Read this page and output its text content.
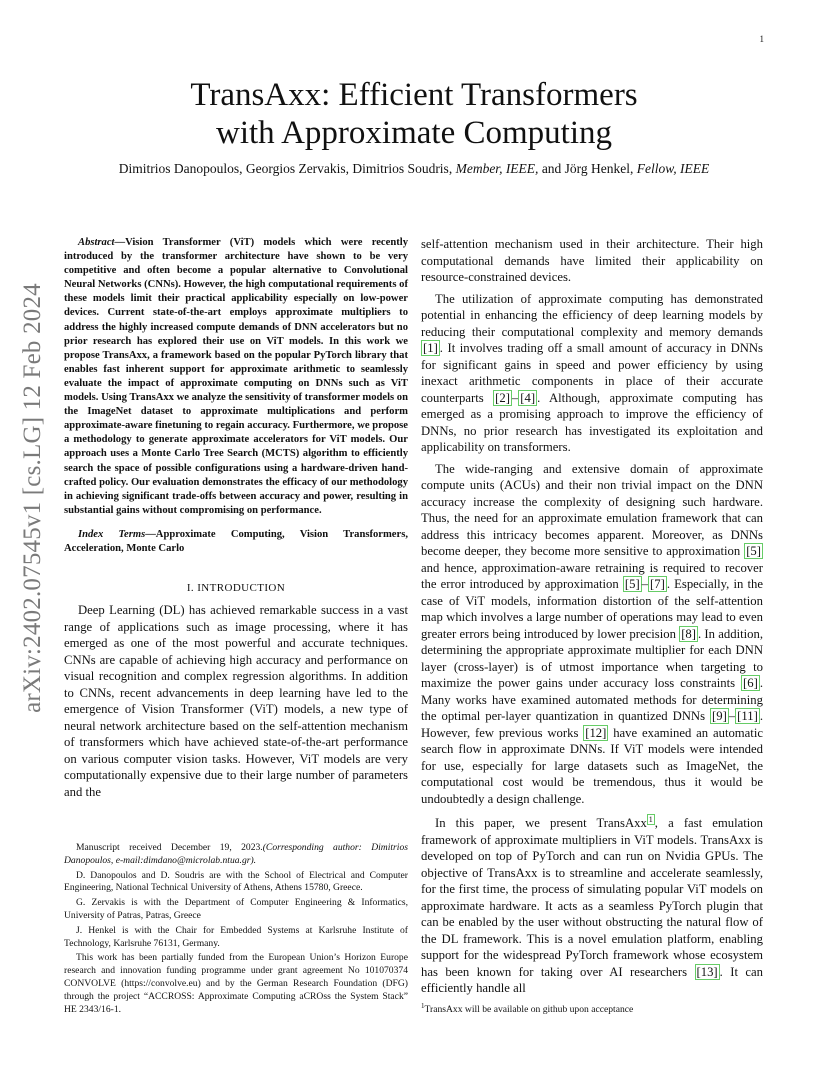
1
arXiv:2402.07545v1 [cs.LG] 12 Feb 2024
TransAxx: Efficient Transformers
with Approximate Computing
Dimitrios Danopoulos, Georgios Zervakis, Dimitrios Soudris, Member, IEEE, and Jörg Henkel, Fellow, IEEE

Abstract—Vision Transformer (ViT) models which were recently introduced by the transformer architecture have shown to be very competitive and often become a popular alternative to Convolutional Neural Networks (CNNs). However, the high computational requirements of these models limit their practical applicability especially on low-power devices. Current state-of-the-art employs approximate multipliers to address the highly increased compute demands of DNN accelerators but no prior research has explored their use on ViT models. In this work we propose TransAxx, a framework based on the popular PyTorch library that enables fast inherent support for approximate arithmetic to seamlessly evaluate the impact of approximate computing on DNNs such as ViT models. Using TransAxx we analyze the sensitivity of transformer models on the ImageNet dataset to approximate multiplications and perform approximate-aware finetuning to regain accuracy. Furthermore, we propose a methodology to generate approximate accelerators for ViT models. Our approach uses a Monte Carlo Tree Search (MCTS) algorithm to efficiently search the space of possible configurations using a hardware-driven hand-crafted policy. Our evaluation demonstrates the efficacy of our methodology in achieving significant trade-offs between accuracy and power, resulting in substantial gains without compromising on performance.

Index Terms—Approximate Computing, Vision Transformers, Acceleration, Monte Carlo

I. INTRODUCTION

Deep Learning (DL) has achieved remarkable success in a vast range of applications such as image processing, where it has emerged as one of the most powerful and accurate techniques. CNNs are capable of achieving high accuracy and performance on visual recognition and complex regression algorithms. In addition to CNNs, recent advancements in deep learning have led to the emergence of Vision Transformer (ViT) models, a new type of neural network architecture based on the self-attention mechanism of transformers which have achieved state-of-the-art performance on various computer vision tasks. However, ViT models are very computationally expensive due to their large number of parameters and the

Manuscript received December 19, 2023.(Corresponding author: Dimitrios Danopoulos, e-mail:dimdano@microlab.ntua.gr).

D. Danopoulos and D. Soudris are with the School of Electrical and Computer Engineering, National Technical University of Athens, Athens 15780, Greece.

G. Zervakis is with the Department of Computer Engineering & Informatics, University of Patras, Patras, Greece

J. Henkel is with the Chair for Embedded Systems at Karlsruhe Institute of Technology, Karlsruhe 76131, Germany.

This work has been partially funded from the European Union’s Horizon Europe research and innovation funding programme under grant agreement No 101070374 CONVOLVE (https://convolve.eu) and by the German Research Foundation (DFG) through the project “ACCROSS: Approximate Computing aCROss the System Stack” HE 2343/16-1.

self-attention mechanism used in their architecture. Their high computational demands have limited their applicability on resource-constrained devices.

The utilization of approximate computing has demonstrated potential in enhancing the efficiency of deep learning models by reducing their computational complexity and memory demands [1] . It involves trading off a small amount of accuracy in DNNs for significant gains in speed and power efficiency by using inexact arithmetic components in place of their accurate counterparts [2] – [4] . Although, approximate computing has emerged as a promising approach to improve the efficiency of DNNs, no prior research has investigated its exploitation and applicability on transformers.

The wide-ranging and extensive domain of approximate compute units (ACUs) and their non trivial impact on the DNN accuracy increase the complexity of designing such hardware. Thus, the need for an approximate emulation framework that can address this intricacy becomes apparent. Moreover, as DNNs become deeper, they become more sensitive to approximation [5] and hence, approximation-aware retraining is required to recover the error introduced by approximation [5] – [7] . Especially, in the case of ViT models, information distortion of the self-attention map which involves a large number of operations may lead to even greater errors being introduced by lower precision [8] . In addition, determining the appropriate approximate multiplier for each DNN layer (cross-layer) is of utmost importance when targeting to maximize the power gains under accuracy loss constraints [6] . Many works have examined automated methods for determining the optimal per-layer quantization in quantized DNNs [9] – [11] . However, few previous works [12] have examined an automatic search flow in approximate DNNs. If ViT models were intended for use, especially for large datasets such as ImageNet, the computational cost would be tremendous, thus it would be undoubtedly a design challenge.

In this paper, we present TransAxx $^1$ , a fast emulation framework of approximate multipliers in ViT models. TransAxx is developed on top of PyTorch and can run on Nvidia GPUs. The objective of TransAxx is to streamline and accelerate seamlessly, for the first time, the process of simulating popular ViT models on approximate hardware. It acts as a seamless PyTorch plugin that can be enabled by the user without obstructing the natural flow of the DL framework. This is a novel emulation platform, enabling support for the widespread PyTorch framework whose ecosystem has been known for taking over AI researchers [13] . It can efficiently handle all

$^1$TransAxx will be available on github upon acceptance
